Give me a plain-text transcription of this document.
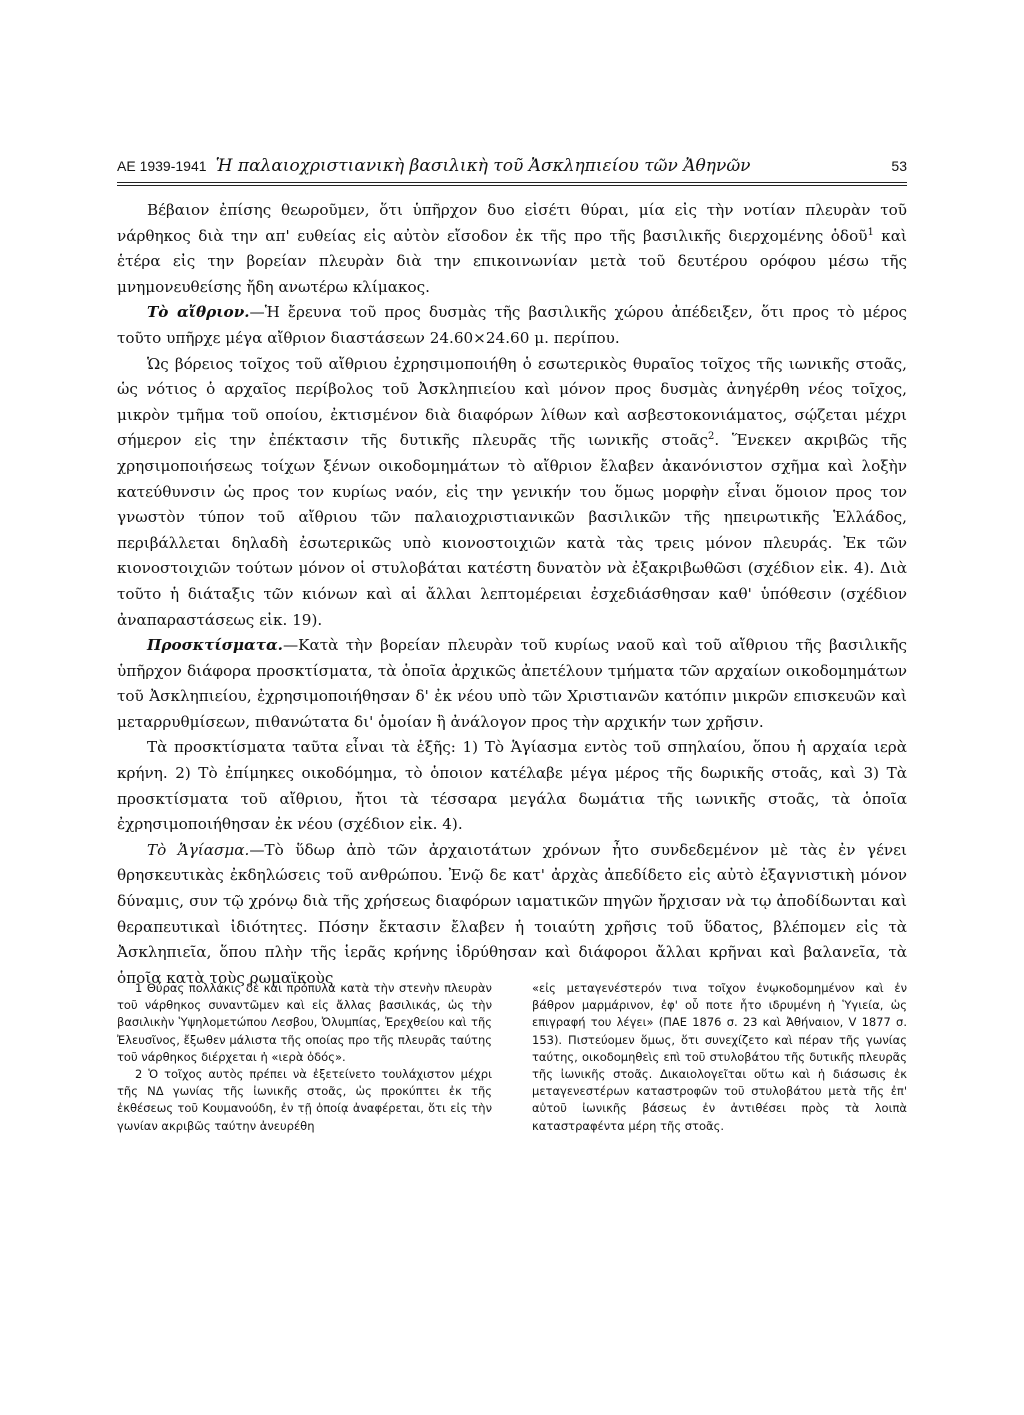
ΑΕ 1939-1941 Ἡ παλαιοχριστιανικὴ βασιλικὴ τοῦ Ἀσκληπιείου τῶν Ἀθηνῶν	53

Βέβαιον ἐπίσης θεωροῦμεν, ὅτι ὑπῆρχον δυο εἰσέτι θύραι, μία εἰς τὴν νοτίαν πλευρὰν τοῦ νάρθηκος διὰ την απ' ευθείας εἰς αὐτὸν εἴσοδον ἐκ τῆς προ τῆς βασιλικῆς διερχομένης ὁδοῦ$^1$ καὶ ἑτέρα εἰς την βορείαν πλευρὰν διὰ την επικοινωνίαν μετὰ τοῦ δευτέρου ορόφου μέσω τῆς μνημονευθείσης ἤδη ανωτέρω κλίμακος.

Τὸ αἴθριον.—Ἡ ἔρευνα τοῦ προς δυσμὰς τῆς βασιλικῆς χώρου ἀπέδειξεν, ὅτι προς τὸ μέρος τοῦτο υπῆρχε μέγα αἴθριον διαστάσεων 24.60×24.60 μ. περίπου.

Ὡς βόρειος τοῖχος τοῦ αἴθριου ἐχρησιμοποιήθη ὁ εσωτερικὸς θυραῖος τοῖχος τῆς ιωνικῆς στοᾶς, ὡς νότιος ὁ αρχαῖος περίβολος τοῦ Ἀσκληπιείου καὶ μόνον προς δυσμὰς ἀνηγέρθη νέος τοῖχος, μικρὸν τμῆμα τοῦ οποίου, ἐκτισμένον διὰ διαφόρων λίθων καὶ ασβεστοκονιάματος, σῴζεται μέχρι σήμερον εἰς την ἐπέκτασιν τῆς δυτικῆς πλευρᾶς τῆς ιωνικῆς στοᾶς$^2$. Ἕνεκεν ακριβῶς τῆς χρησιμοποιήσεως τοίχων ξένων οικοδομημάτων τὸ αἴθριον ἔλαβεν ἀκανόνιστον σχῆμα καὶ λοξὴν κατεύθυνσιν ὡς προς τον κυρίως ναόν, εἰς την γενικήν του ὅμως μορφὴν εἶναι ὅμοιον προς τον γνωστὸν τύπον τοῦ αἴθριου τῶν παλαιοχριστιανικῶν βασιλικῶν τῆς ηπειρωτικῆς Ἑλλάδος, περιβάλλεται δηλαδὴ ἐσωτερικῶς υπὸ κιονοστοιχιῶν κατὰ τὰς τρεις μόνον πλευράς. Ἐκ τῶν κιονοστοιχιῶν τούτων μόνον οἱ στυλοβάται κατέστη δυνατὸν νὰ ἐξακριβωθῶσι (σχέδιον εἰκ. 4). Διὰ τοῦτο ἡ διάταξις τῶν κιόνων καὶ αἱ ἄλλαι λεπτομέρειαι ἐσχεδιάσθησαν καθ' ὑπόθεσιν (σχέδιον ἀναπαραστάσεως εἰκ. 19).

Προσκτίσματα.—Κατὰ τὴν βορείαν πλευρὰν τοῦ κυρίως ναοῦ καὶ τοῦ αἴθριου τῆς βασιλικῆς ὑπῆρχον διάφορα προσκτίσματα, τὰ ὁποῖα ἀρχικῶς ἀπετέλουν τμήματα τῶν αρχαίων οικοδομημάτων τοῦ Ἀσκληπιείου, ἐχρησιμοποιήθησαν δ' ἐκ νέου υπὸ τῶν Χριστιανῶν κατόπιν μικρῶν επισκευῶν καὶ μεταρρυθμίσεων, πιθανώτατα δι' ὁμοίαν ἢ ἀνάλογον προς τὴν αρχικήν των χρῆσιν.

Τὰ προσκτίσματα ταῦτα εἶναι τὰ ἑξῆς: 1) Τὸ Ἁγίασμα εντὸς τοῦ σπηλαίου, ὅπου ἡ αρχαία ιερὰ κρήνη. 2) Τὸ ἐπίμηκες οικοδόμημα, τὸ ὁποιον κατέλαβε μέγα μέρος τῆς δωρικῆς στοᾶς, καὶ 3) Τὰ προσκτίσματα τοῦ αἴθριου, ἤτοι τὰ τέσσαρα μεγάλα δωμάτια τῆς ιωνικῆς στοᾶς, τὰ ὁποῖα ἐχρησιμοποιήθησαν ἐκ νέου (σχέδιον εἰκ. 4).

Τὸ Ἁγίασμα.—Τὸ ὕδωρ ἀπὸ τῶν ἀρχαιοτάτων χρόνων ἦτο συνδεδεμένον μὲ τὰς ἐν γένει θρησκευτικὰς ἐκδηλώσεις τοῦ ανθρώπου. Ἐνῷ δε κατ' ἀρχὰς ἀπεδίδετο εἰς αὐτὸ ἐξαγνιστικὴ μόνον δύναμις, συν τῷ χρόνῳ διὰ τῆς χρήσεως διαφόρων ιαματικῶν πηγῶν ἤρχισαν νὰ τῳ ἀποδίδωνται καὶ θεραπευτικαὶ ἰδιότητες. Πόσην ἔκτασιν ἔλαβεν ἡ τοιαύτη χρῆσις τοῦ ὕδατος, βλέπομεν εἰς τὰ Ἀσκληπιεῖα, ὅπου πλὴν τῆς ἱερᾶς κρήνης ἱδρύθησαν καὶ διάφοροι ἄλλαι κρῆναι καὶ βαλανεῖα, τὰ ὁποῖα κατὰ τοὺς ρωμαϊκοὺς

1 Θύρας πολλάκις δὲ και πρόπυλα κατὰ τὴν στενὴν πλευρὰν τοῦ νάρθηκος συναντῶμεν καὶ εἰς ἄλλας βασιλικάς, ὡς τὴν βασιλικὴν Ὑψηλομετώπου Λεσβου, Ὀλυμπίας, Ἐρεχθείου καὶ τῆς Ἐλευσῖνος, ἔξωθεν μάλιστα τῆς οποίας προ τῆς πλευρᾶς ταύτης τοῦ νάρθηκος διέρχεται ἡ «ιερὰ ὁδός».

2 Ὁ τοῖχος αυτὸς πρέπει νὰ ἐξετείνετο τουλάχιστον μέχρι τῆς ΝΔ γωνίας τῆς ἰωνικῆς στοᾶς, ὡς προκύπτει ἐκ τῆς ἐκθέσεως τοῦ Κουμανούδη, ἐν τῇ ὁποίᾳ ἀναφέρεται, ὅτι εἰς τὴν γωνίαν ακριβῶς ταύτην ἀνευρέθη

«εἰς μεταγενέστερόν τινα τοῖχον ἐνῳκοδομημένον καὶ ἐν βάθρον μαρμάρινον, ἐφ' οὗ ποτε ἦτο ιδρυμένη ἡ Ὑγιεία, ὡς επιγραφή του λέγει» (ΠΑΕ 1876 σ. 23 καὶ Ἀθήναιον, V 1877 σ. 153). Πιστεύομεν ὅμως, ὅτι συνεχίζετο καὶ πέραν τῆς γωνίας ταύτης, οικοδομηθεὶς επὶ τοῦ στυλοβάτου τῆς δυτικῆς πλευρᾶς τῆς ἰωνικῆς στοᾶς. Δικαιολογεῖται οὕτω καὶ ἡ διάσωσις ἐκ μεταγενεστέρων καταστροφῶν τοῦ στυλοβάτου μετὰ τῆς ἐπ' αὐτοῦ ἰωνικῆς βάσεως ἐν ἀντιθέσει πρὸς τὰ λοιπὰ καταστραφέντα μέρη τῆς στοᾶς.
